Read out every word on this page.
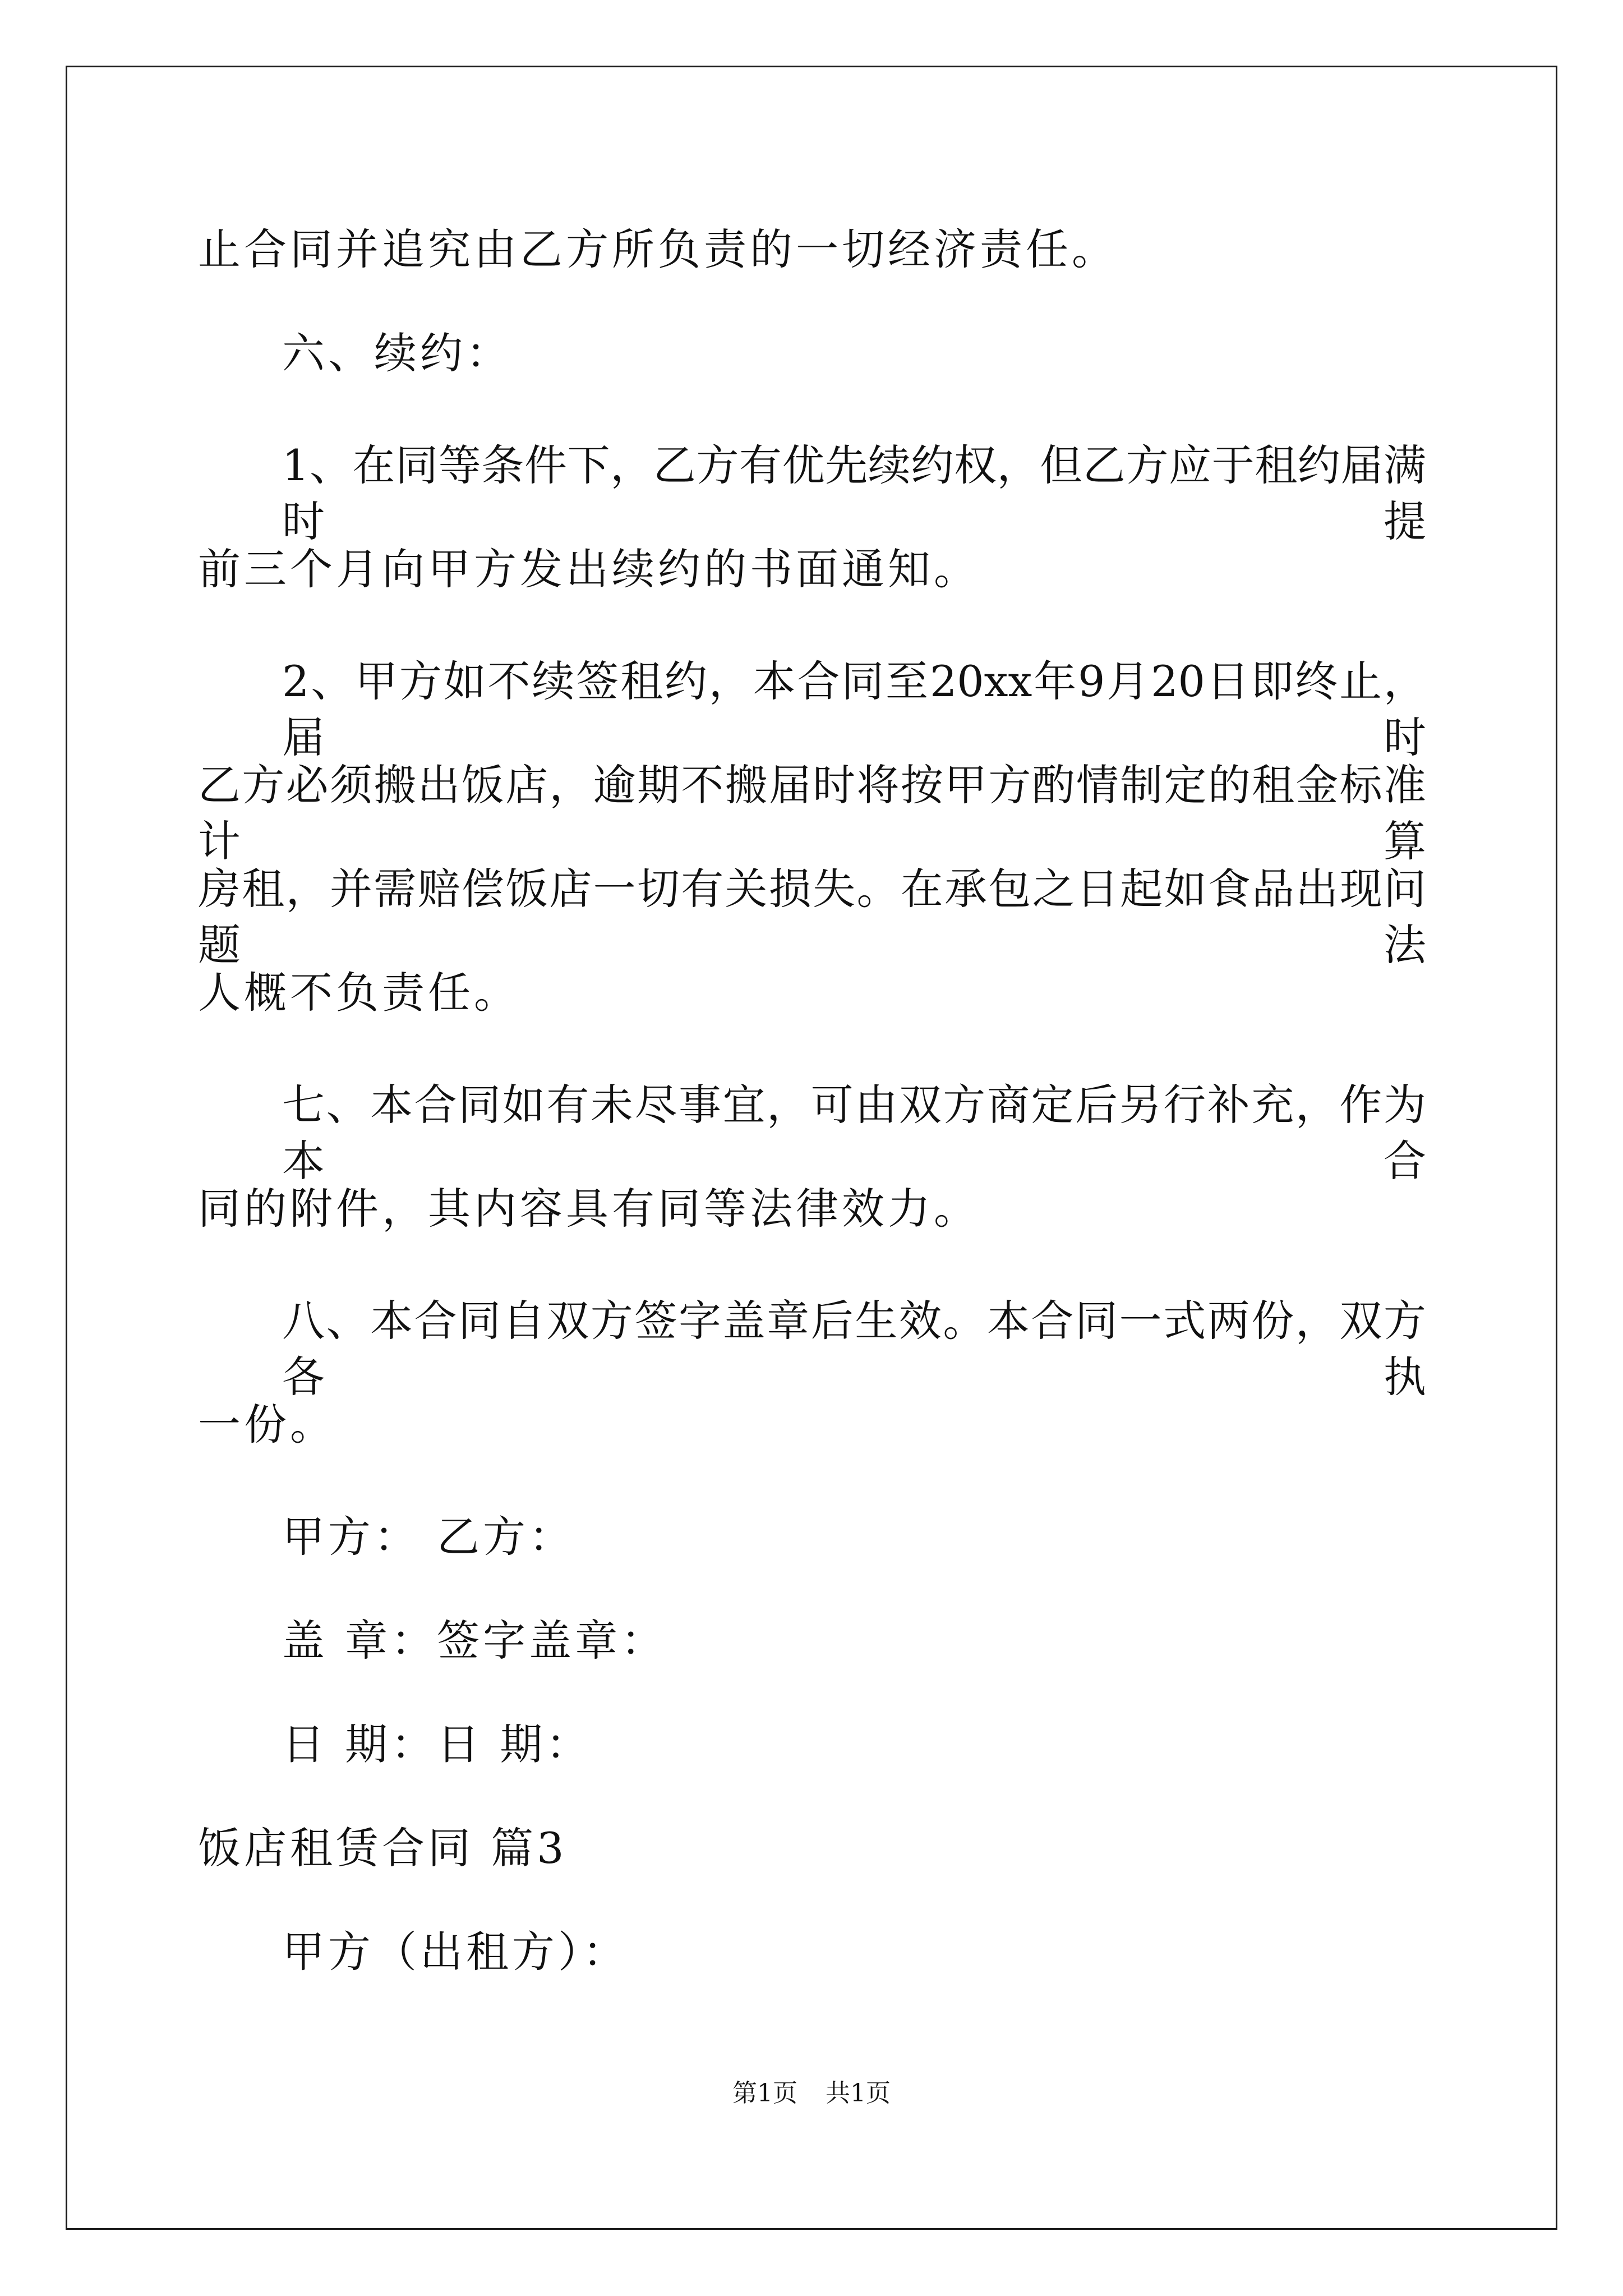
止合同并追究由乙方所负责的一切经济责任。
六、续约：
1、在同等条件下，乙方有优先续约权，但乙方应于租约届满时提
前三个月向甲方发出续约的书面通知。
2、甲方如不续签租约，本合同至20xx年9月20日即终止，届时
乙方必须搬出饭店，逾期不搬届时将按甲方酌情制定的租金标准计算
房租，并需赔偿饭店一切有关损失。在承包之日起如食品出现问题法
人概不负责任。
七、本合同如有未尽事宜，可由双方商定后另行补充，作为本合
同的附件，其内容具有同等法律效力。
八、本合同自双方签字盖章后生效。本合同一式两份，双方各执
一份。
甲方： 乙方：
盖 章：签字盖章：
日 期：日 期：
饭店租赁合同 篇3
甲方（出租方）：
第1页 共1页
